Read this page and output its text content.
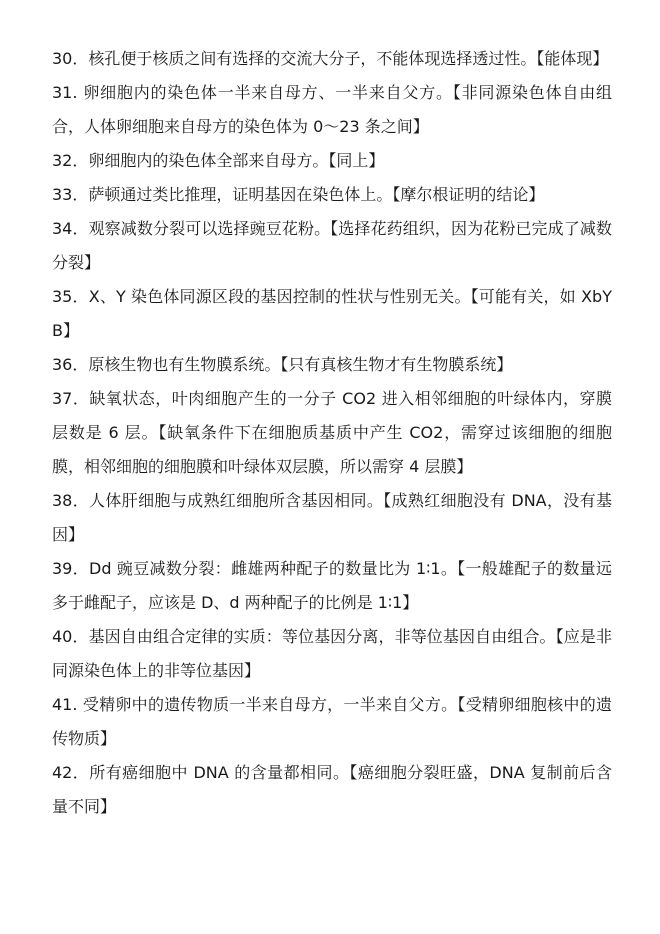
30．核孔便于核质之间有选择的交流大分子，不能体现选择透过性。【能体现】

31. 卵细胞内的染色体一半来自母方、一半来自父方。【非同源染色体自由组合，人体卵细胞来自母方的染色体为 0～23 条之间】

32．卵细胞内的染色体全部来自母方。【同上】

33．萨顿通过类比推理，证明基因在染色体上。【摩尔根证明的结论】

34．观察减数分裂可以选择豌豆花粉。【选择花药组织，因为花粉已完成了减数分裂】

35．X、Y 染色体同源区段的基因控制的性状与性别无关。【可能有关，如 XbYB】

36．原核生物也有生物膜系统。【只有真核生物才有生物膜系统】

37．缺氧状态，叶肉细胞产生的一分子 CO2 进入相邻细胞的叶绿体内，穿膜层数是 6 层。【缺氧条件下在细胞质基质中产生 CO2，需穿过该细胞的细胞膜，相邻细胞的细胞膜和叶绿体双层膜，所以需穿 4 层膜】

38．人体肝细胞与成熟红细胞所含基因相同。【成熟红细胞没有 DNA，没有基因】

39．Dd 豌豆减数分裂：雌雄两种配子的数量比为 1∶1。【一般雄配子的数量远多于雌配子，应该是 D、d 两种配子的比例是 1∶1】

40．基因自由组合定律的实质：等位基因分离，非等位基因自由组合。【应是非同源染色体上的非等位基因】

41. 受精卵中的遗传物质一半来自母方，一半来自父方。【受精卵细胞核中的遗传物质】

42．所有癌细胞中 DNA 的含量都相同。【癌细胞分裂旺盛，DNA 复制前后含量不同】
